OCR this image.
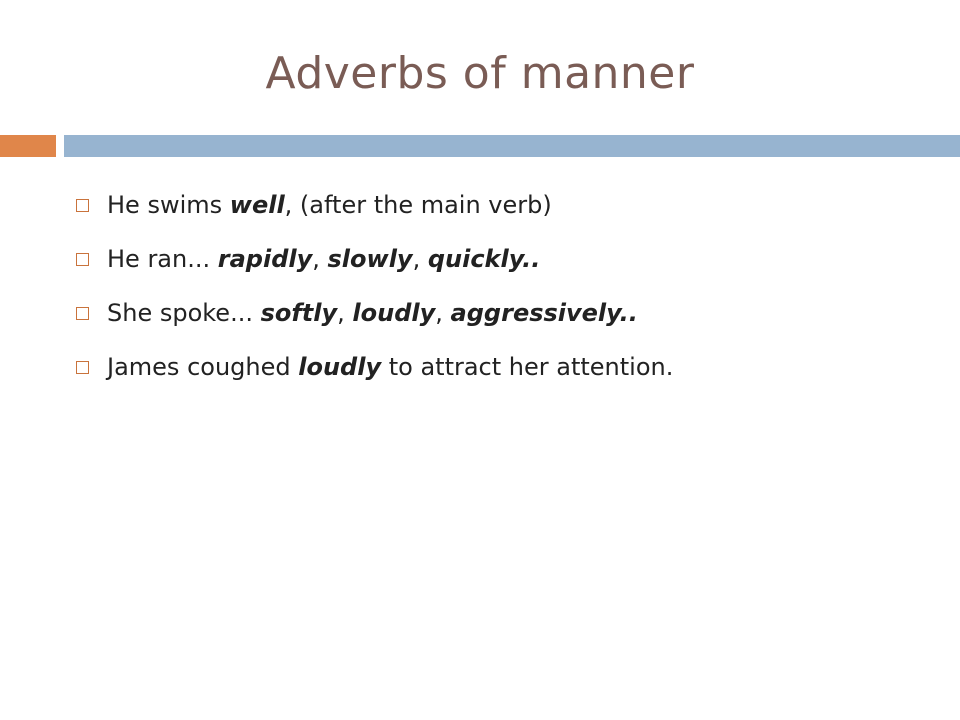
Adverbs of manner
He swims well, (after the main verb)
He ran... rapidly, slowly, quickly..
She spoke... softly, loudly, aggressively..
James coughed loudly to attract her attention.
